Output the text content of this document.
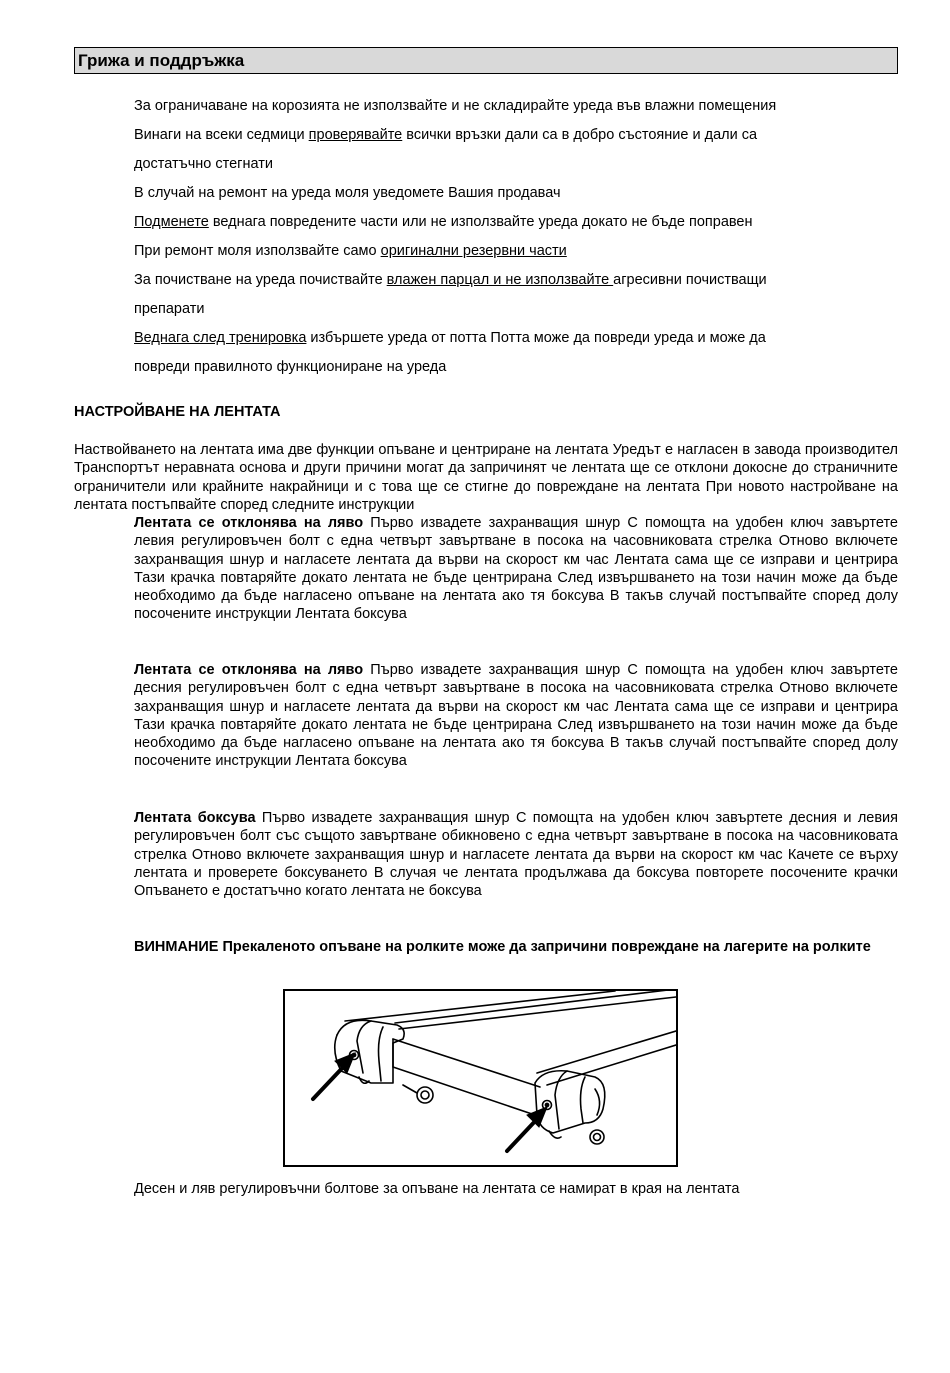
Грижа и поддръжка

За ограничаване на корозията не използвайте и не складирайте уреда във влажни помещения

Винаги на всеки седмици проверявайте всички връзки дали са в добро състояние и дали са

достатъчно стегнати

В случай на ремонт на уреда моля уведомете Вашия продавач

Подменете веднага повредените части или не използвайте уреда докато не бъде поправен

При ремонт моля използвайте само оригинални резервни части

За почистване на уреда почиствайте влажен парцал и не използвайте агресивни почистващи

препарати

Веднага след тренировка избършете уреда от потта Потта може да повреди уреда и може да

повреди правилното функциониране на уреда

НАСТРОЙВАНЕ НА ЛЕНТАТА

Наствойването на лентата има две функции опъване и центриране на лентата Уредът е нагласен в завода производител Транспортът неравната основа и други причини могат да запричинят че лентата ще се отклони докосне до страничните ограничители или крайните накрайници и с това ще се стигне до повреждане на лентата При новото настройване на лентата постъпвайте според следните инструкции

Лентата се отклонява на ляво Първо извадете захранващия шнур С помощта на удобен ключ завъртете левия регулировъчен болт с една четвърт завъртване в посока на часовниковата стрелка Отново включете захранващия шнур и нагласете лентата да върви на скорост км час Лентата сама ще се изправи и центрира Тази крачка повтаряйте докато лентата не бъде центрирана След извършването на този начин може да бъде необходимо да бъде нагласено опъване на лентата ако тя боксува В такъв случай постъпвайте според долу посочените инструкции Лентата боксува

Лентата се отклонява на ляво Първо извадете захранващия шнур С помощта на удобен ключ завъртете десния регулировъчен болт с една четвърт завъртване в посока на часовниковата стрелка Отново включете захранващия шнур и нагласете лентата да върви на скорост км час Лентата сама ще се изправи и центрира Тази крачка повтаряйте докато лентата не бъде центрирана След извършването на този начин може да бъде необходимо да бъде нагласено опъване на лентата ако тя боксува В такъв случай постъпвайте според долу посочените инструкции Лентата боксува

Лентата боксува Първо извадете захранващия шнур С помощта на удобен ключ завъртете десния и левия регулировъчен болт със същото завъртване обикновено с една четвърт завъртване в посока на часовниковата стрелка Отново включете захранващия шнур и нагласете лентата да върви на скорост км час Качете се върху лентата и проверете боксуването В случая че лентата продължава да боксува повторете посочените крачки Опъването е достатъчно когато лентата не боксува

ВИНМАНИЕ Прекаленото опъване на ролките може да запричини повреждане на лагерите на ролките

Десен и ляв регулировъчни болтове за опъване на лентата се намират в края на лентата
